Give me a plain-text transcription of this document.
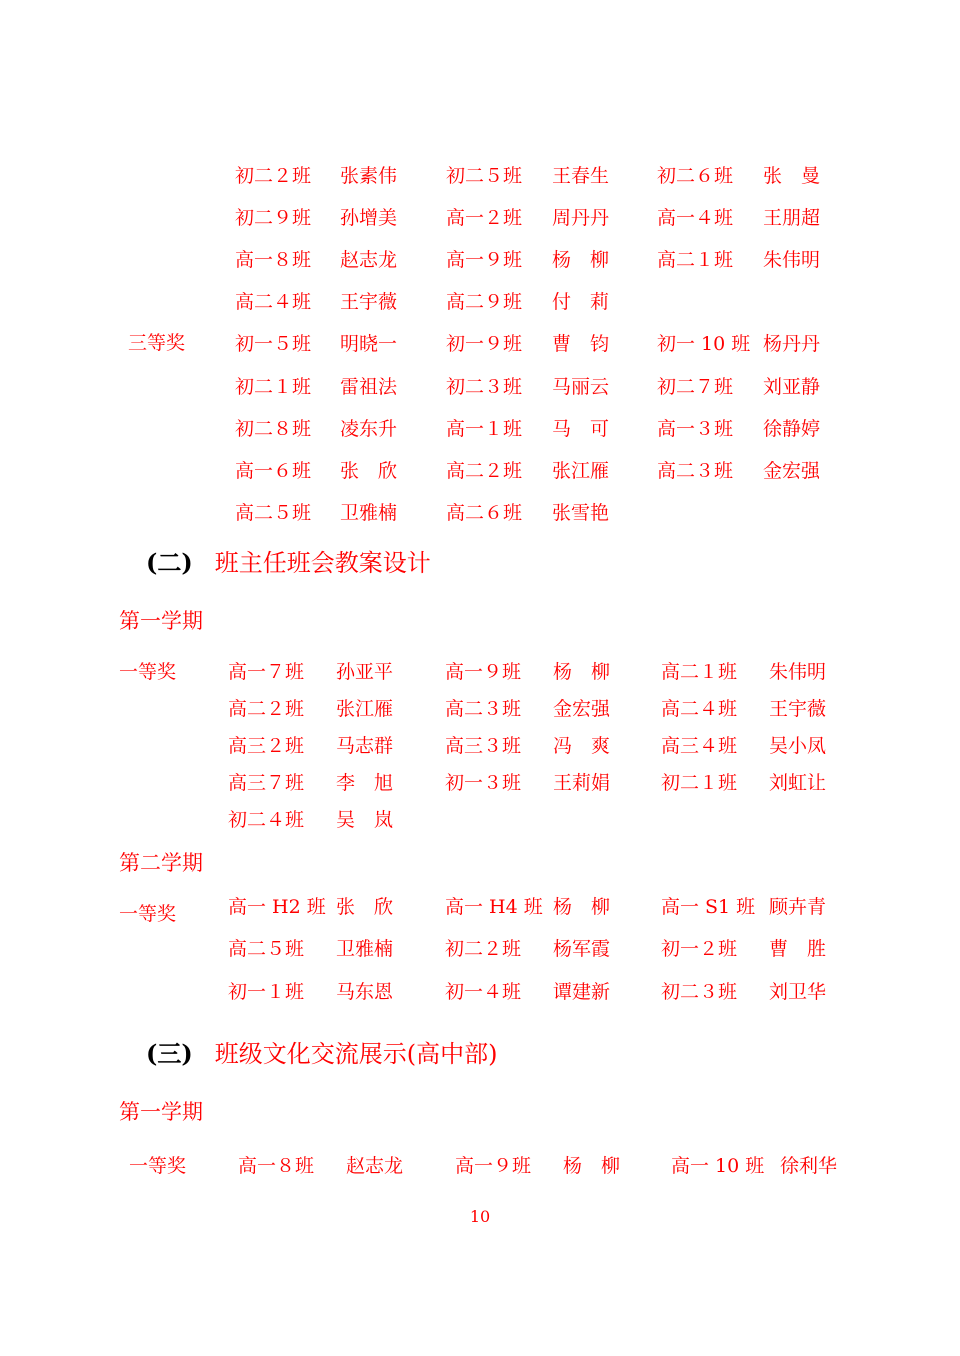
三等奖
初二２班 张素伟	初二５班 王春生	初二６班 张　曼
初二９班 孙增美	高一２班 周丹丹	高一４班 王朋超
高一８班 赵志龙	高一９班 杨　柳	高二１班 朱伟明
高二４班 王宇薇	高二９班 付　莉
初一５班 明晓一	初一９班 曹　钧	初一 10 班 杨丹丹
初二１班 雷祖法	初二３班 马丽云	初二７班 刘亚静
初二８班 凌东升	高一１班 马　可	高一３班 徐静婷
高一６班 张　欣	高二２班 张江雁	高二３班 金宏强
高二５班 卫雅楠	高二６班 张雪艳
(二) 班主任班会教案设计
第一学期
一等奖	高一７班 孙亚平	高一９班 杨　柳	高二１班 朱伟明
高二２班 张江雁	高二３班 金宏强	高二４班 王宇薇
高三２班 马志群	高三３班 冯　爽	高三４班 吴小凤
高三７班 李　旭	初一３班 王莉娟	初二１班 刘虹让
初二４班 吴　岚
第二学期
一等奖	高一 H2 班 张　欣	高一 H4 班 杨　柳	高一 S1 班 顾卉青
高二５班 卫雅楠	初二２班 杨军霞	初一２班 曹　胜
初一１班 马东恩	初一４班 谭建新	初二３班 刘卫华
(三) 班级文化交流展示(高中部)
第一学期
一等奖	高一８班 赵志龙	高一９班 杨　柳	高一 10 班 徐利华
10
